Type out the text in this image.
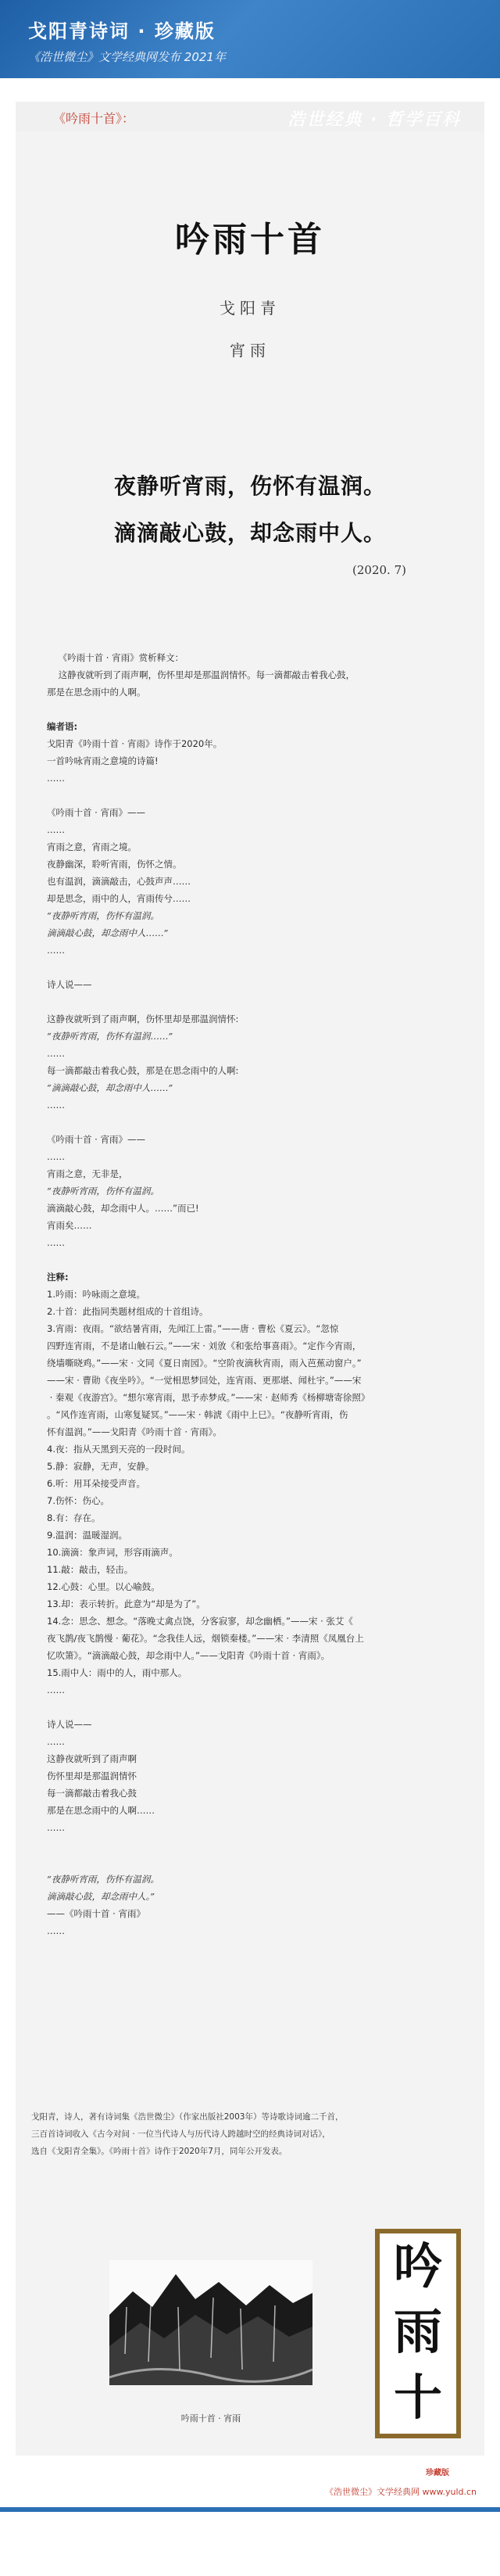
戈阳青诗词 · 珍藏版
《浩世微尘》文学经典网发布 2021年
《吟雨十首》：	浩世经典 · 哲学百科
吟雨十首
戈阳青
宵雨
夜静听宵雨，伤怀有温润。
滴滴敲心鼓，却念雨中人。
(2020. 7)

《吟雨十首 · 宵雨》赏析释文：

这静夜就听到了雨声啊，伤怀里却是那温润情怀。每一滴都敲击着我心鼓，

那是在思念雨中的人啊。

编者语:

戈阳青《吟雨十首 · 宵雨》诗作于2020年。

一首吟咏宵雨之意境的诗篇!

……

《吟雨十首 · 宵雨》——

……

宵雨之意，宵雨之境。

夜静幽深，聆听宵雨，伤怀之情。

也有温润，滴滴敲击，心鼓声声……

却是思念，雨中的人，宵雨传兮……

“夜静听宵雨，伤怀有温润。

滴滴敲心鼓，却念雨中人……”

……

诗人说——

这静夜就听到了雨声啊，伤怀里却是那温润情怀:

“夜静听宵雨，伤怀有温润……”

……

每一滴都敲击着我心鼓，那是在思念雨中的人啊:

“滴滴敲心鼓，却念雨中人……”

……

《吟雨十首 · 宵雨》——

……

宵雨之意，无非是，

“夜静听宵雨，伤怀有温润。

滴滴敲心鼓，却念雨中人。……”而已!

宵雨矣……

……

注释:

1.吟雨：吟咏雨之意境。

2.十首：此指同类题材组成的十首组诗。

3.宵雨：夜雨。“欲结暑宵雨，先闻江上雷。”——唐 · 曹松《夏云》。“忽惊

四野连宵雨，不是诸山触石云。”——宋 · 刘攽《和张给事喜雨》。“定作今宵雨，

绕墙嘶晓鸡。”——宋 · 文同《夏日南园》。“空阶夜滴秋宵雨，雨入芭蕉动窗户。”

——宋 · 曹勋《夜坐吟》。“一觉相思梦回处，连宵雨、更那堪、闻杜宇。”——宋

· 秦观《夜游宫》。“想尔寒宵雨，思予赤梦成。”——宋 · 赵师秀《杨柳塘寄徐照》

。“风作连宵雨，山寒复疑冥。”——宋 · 韩淲《雨中上巳》。“夜静听宵雨，伤

怀有温润。”——戈阳青《吟雨十首 · 宵雨》。

4.夜：指从天黑到天亮的一段时间。

5.静：寂静，无声，安静。

6.听：用耳朵接受声音。

7.伤怀：伤心。

8.有：存在。

9.温润：温暖湿润。

10.滴滴：象声词，形容雨滴声。

11.敲：敲击，轻击。

12.心鼓：心里。以心喻鼓。

13.却：表示转折。此意为“却是为了”。

14.念：思念、想念。“落晚丈禽点饶，分客寂寥，却念幽栖。”——宋 · 张艾《

夜飞鹊/夜飞鹊慢 · 葡花》。“念我佳人远，烟锁秦楼。”——宋 · 李清照《凤凰台上

忆吹箫》。“滴滴敲心鼓，却念雨中人。”——戈阳青《吟雨十首 · 宵雨》。

15.雨中人：雨中的人，雨中那人。

……

诗人说——

……

这静夜就听到了雨声啊

伤怀里却是那温润情怀

每一滴都敲击着我心鼓

那是在思念雨中的人啊……

……

“夜静听宵雨，伤怀有温润。

滴滴敲心鼓，却念雨中人。”

——《吟雨十首 · 宵雨》

……

戈阳青，诗人，著有诗词集《浩世微尘》（作家出版社2003年）等诗歌诗词逾二千首，
三百首诗词收入《古今对间 · 一位当代诗人与历代诗人跨越时空的经典诗词对话》，
选自《戈阳青全集》。《吟雨十首》诗作于2020年7月，同年公开发表。
吟雨十首 · 宵雨
吟
雨
十
珍藏版
《浩世微尘》文学经典网 www.yuld.cn
